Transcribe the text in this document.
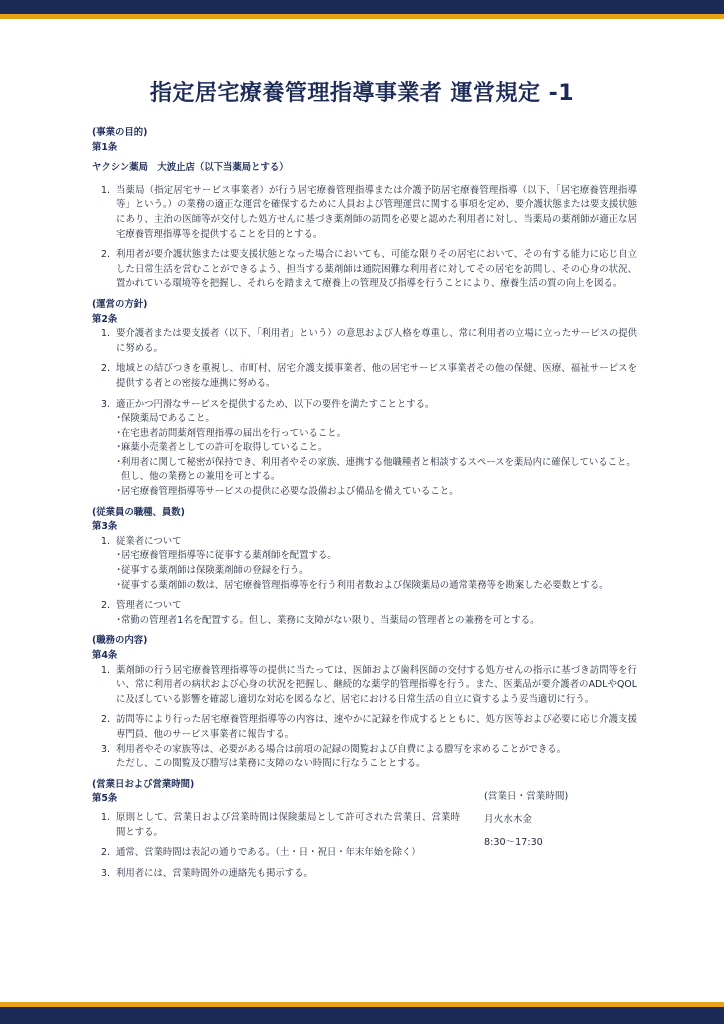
指定居宅療養管理指導事業者 運営規定 -1
(事業の目的)
第1条
ヤクシン薬局　大波止店（以下当薬局とする）
1. 当薬局（指定居宅サービス事業者）が行う居宅療養管理指導または介護予防居宅療養管理指導（以下、「居宅療養管理指導等」という。）の業務の適正な運営を確保するために人員および管理運営に関する事項を定め、要介護状態または要支援状態にあり、主治の医師等が交付した処方せんに基づき薬剤師の訪問を必要と認めた利用者に対し、当薬局の薬剤師が適正な居宅療養管理指導等を提供することを目的とする。
2. 利用者が要介護状態または要支援状態となった場合においても、可能な限りその居宅において、その有する能力に応じ自立した日常生活を営むことができるよう、担当する薬剤師は通院困難な利用者に対してその居宅を訪問し、その心身の状況、置かれている環境等を把握し、それらを踏まえて療養上の管理及び指導を行うことにより、療養生活の質の向上を図る。
(運営の方針)
第2条
1. 要介護者または要支援者（以下、「利用者」という）の意思および人格を尊重し、常に利用者の立場に立ったサービスの提供に努める。
2. 地域との結びつきを重視し、市町村、居宅介護支援事業者、他の居宅サービス事業者その他の保健、医療、福祉サービスを提供する者との密接な連携に努める。
3. 適正かつ円滑なサービスを提供するため、以下の要件を満たすこととする。
・
保険薬局であること。
・
在宅患者訪問薬剤管理指導の届出を行っていること。
・
麻薬小売業者としての許可を取得していること。
・
利用者に関して秘密が保持でき、利用者やその家族、連携する他職種者と相談するスペースを薬局内に確保していること。但し、他の業務との兼用を可とする。
・
居宅療養管理指導等サービスの提供に必要な設備および備品を備えていること。
(従業員の職種、員数)
第3条
1. 従業者について
・
居宅療養管理指導等に従事する薬剤師を配置する。
・
従事する薬剤師は保険薬剤師の登録を行う。
・
従事する薬剤師の数は、居宅療養管理指導等を行う利用者数および保険薬局の通常業務等を勘案した必要数とする。
2. 管理者について
・
常勤の管理者1名を配置する。但し、業務に支障がない限り、当薬局の管理者との兼務を可とする。
(職務の内容)
第4条
1. 薬剤師の行う居宅療養管理指導等の提供に当たっては、医師および歯科医師の交付する処方せんの指示に基づき訪問等を行い、常に利用者の病状および心身の状況を把握し、継続的な薬学的管理指導を行う。また、医薬品が要介護者のADLやQOLに及ぼしている影響を確認し適切な対応を図るなど、居宅における日常生活の自立に資するよう妥当適切に行う。
2. 訪問等により行った居宅療養管理指導等の内容は、速やかに記録を作成するとともに、処方医等および必要に応じ介護支援専門員、他のサービス事業者に報告する。
3. 利用者やその家族等は、必要がある場合は前項の記録の閲覧および自費による謄写を求めることができる。
ただし、この閲覧及び謄写は業務に支障のない時間に行なうこととする。
(営業日および営業時間)
第5条
1. 原則として、営業日および営業時間は保険薬局として許可された営業日、営業時間とする。
2. 通常、営業時間は表記の通りである。（土・日・祝日・年末年始を除く）
3. 利用者には、営業時間外の連絡先も掲示する。
(営業日・営業時間)
月火水木金
8:30～17:30
